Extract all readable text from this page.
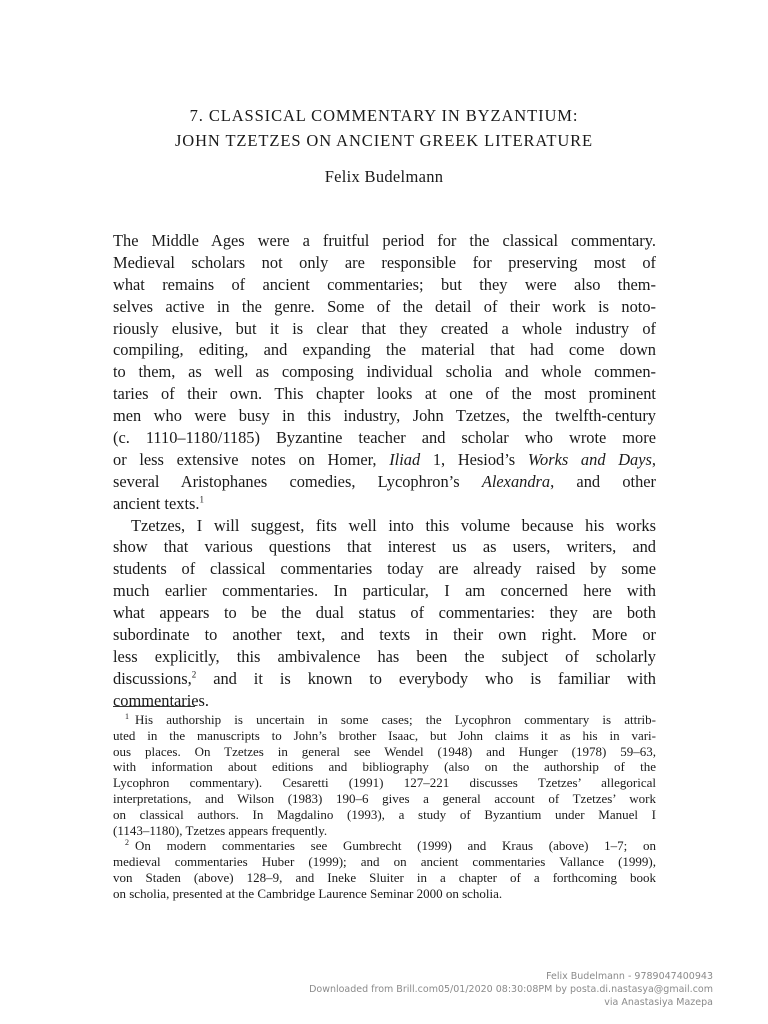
7. CLASSICAL COMMENTARY IN BYZANTIUM:
JOHN TZETZES ON ANCIENT GREEK LITERATURE

Felix Budelmann

The Middle Ages were a fruitful period for the classical commentary.
Medieval scholars not only are responsible for preserving most of
what remains of ancient commentaries; but they were also them-
selves active in the genre. Some of the detail of their work is noto-
riously elusive, but it is clear that they created a whole industry of
compiling, editing, and expanding the material that had come down
to them, as well as composing individual scholia and whole commen-
taries of their own. This chapter looks at one of the most prominent
men who were busy in this industry, John Tzetzes, the twelfth-century
(c. 1110–1180/1185) Byzantine teacher and scholar who wrote more
or less extensive notes on Homer, Iliad 1, Hesiod’s Works and Days,
several Aristophanes comedies, Lycophron’s Alexandra, and other
ancient texts.$^1$
Tzetzes, I will suggest, fits well into this volume because his works
show that various questions that interest us as users, writers, and
students of classical commentaries today are already raised by some
much earlier commentaries. In particular, I am concerned here with
what appears to be the dual status of commentaries: they are both
subordinate to another text, and texts in their own right. More or
less explicitly, this ambivalence has been the subject of scholarly
discussions,$^2$ and it is known to everybody who is familiar with
commentaries.
$^1$ His authorship is uncertain in some cases; the Lycophron commentary is attrib-
uted in the manuscripts to John’s brother Isaac, but John claims it as his in vari-
ous places. On Tzetzes in general see Wendel (1948) and Hunger (1978) 59–63,
with information about editions and bibliography (also on the authorship of the
Lycophron commentary). Cesaretti (1991) 127–221 discusses Tzetzes’ allegorical
interpretations, and Wilson (1983) 190–6 gives a general account of Tzetzes’ work
on classical authors. In Magdalino (1993), a study of Byzantium under Manuel I
(1143–1180), Tzetzes appears frequently.
$^2$ On modern commentaries see Gumbrecht (1999) and Kraus (above) 1–7; on
medieval commentaries Huber (1999); and on ancient commentaries Vallance (1999),
von Staden (above) 128–9, and Ineke Sluiter in a chapter of a forthcoming book
on scholia, presented at the Cambridge Laurence Seminar 2000 on scholia.
Felix Budelmann - 9789047400943
Downloaded from Brill.com05/01/2020 08:30:08PM by posta.di.nastasya@gmail.com
via Anastasiya Mazepa
